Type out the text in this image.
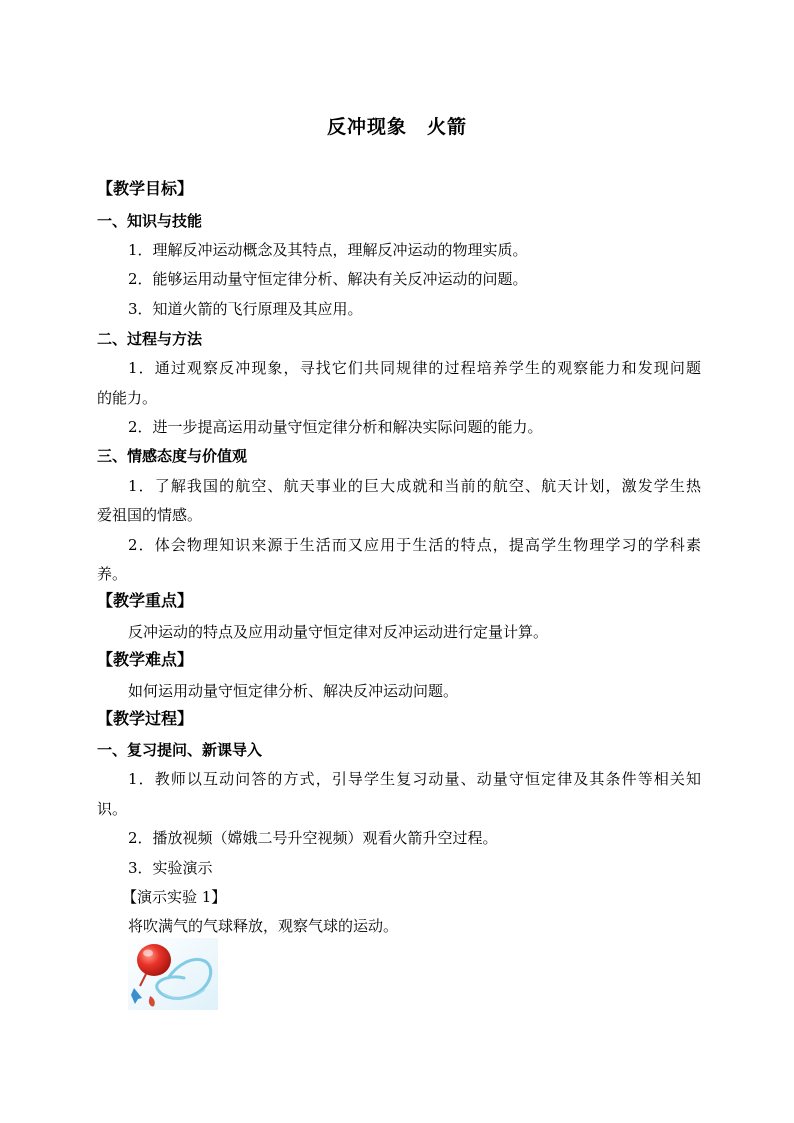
反冲现象　火箭
【教学目标】
一、知识与技能
1．理解反冲运动概念及其特点，理解反冲运动的物理实质。
2．能够运用动量守恒定律分析、解决有关反冲运动的问题。
3．知道火箭的飞行原理及其应用。
二、过程与方法
1．通过观察反冲现象，寻找它们共同规律的过程培养学生的观察能力和发现问题
的能力。
2．进一步提高运用动量守恒定律分析和解决实际问题的能力。
三、情感态度与价值观
1．了解我国的航空、航天事业的巨大成就和当前的航空、航天计划，激发学生热
爱祖国的情感。
2．体会物理知识来源于生活而又应用于生活的特点，提高学生物理学习的学科素
养。
【教学重点】
反冲运动的特点及应用动量守恒定律对反冲运动进行定量计算。
【教学难点】
如何运用动量守恒定律分析、解决反冲运动问题。
【教学过程】
一、复习提问、新课导入
1．教师以互动问答的方式，引导学生复习动量、动量守恒定律及其条件等相关知
识。
2．播放视频（嫦娥二号升空视频）观看火箭升空过程。
3．实验演示
【演示实验 1】
将吹满气的气球释放，观察气球的运动。
